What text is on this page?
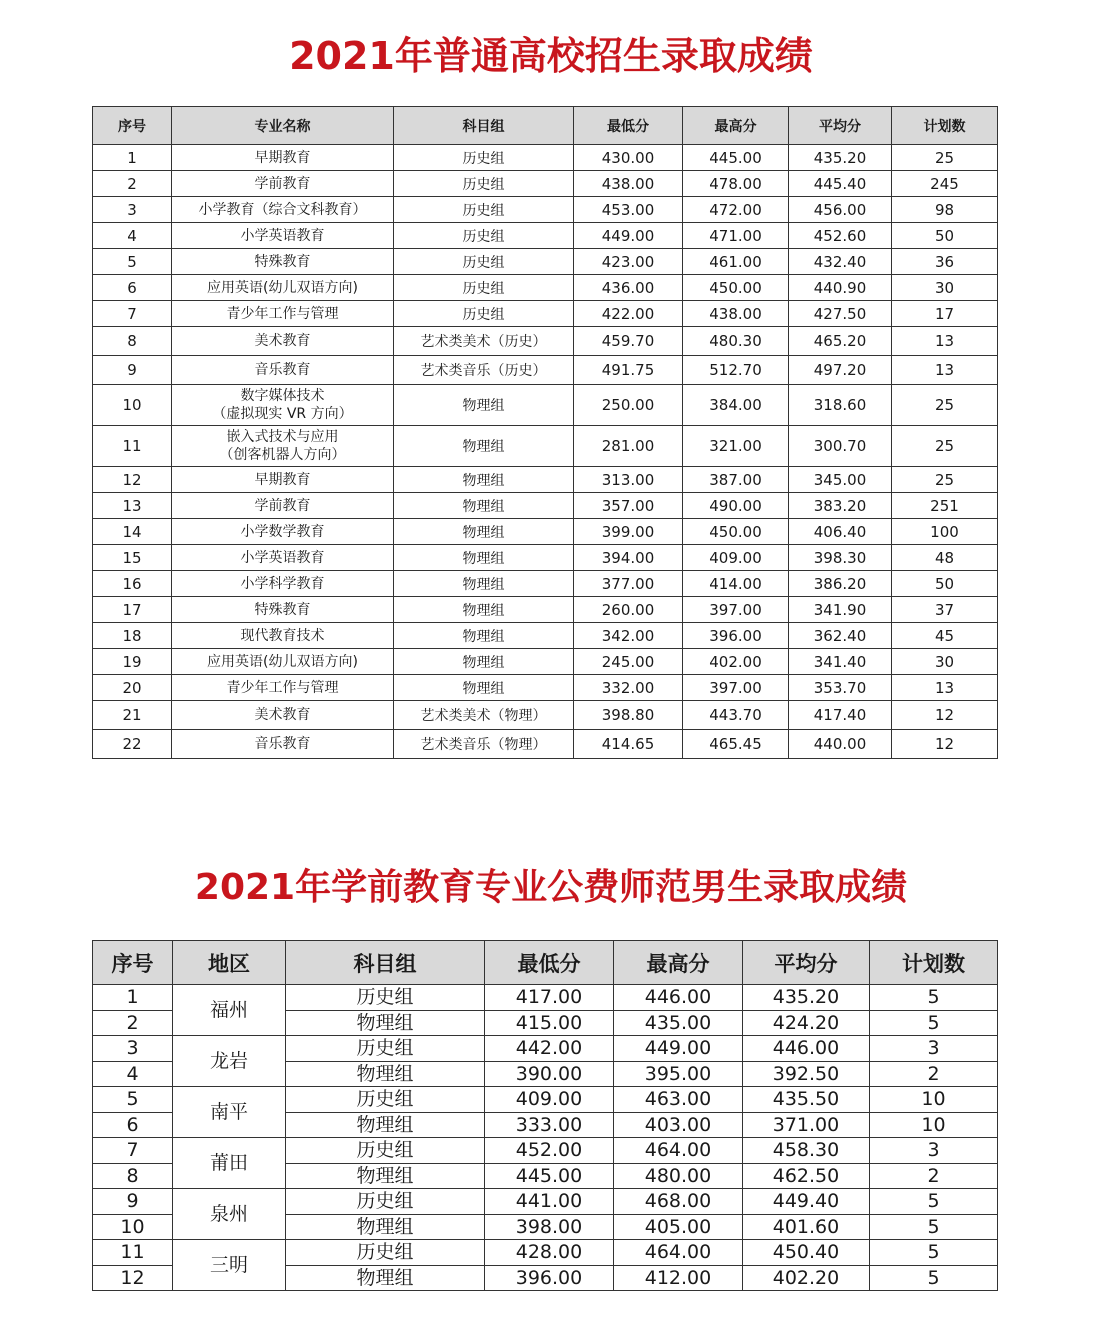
2021年普通高校招生录取成绩
序号	专业名称	科目组	最低分	最高分	平均分	计划数
1	早期教育	历史组	430.00	445.00	435.20	25
2	学前教育	历史组	438.00	478.00	445.40	245
3	小学教育（综合文科教育）	历史组	453.00	472.00	456.00	98
4	小学英语教育	历史组	449.00	471.00	452.60	50
5	特殊教育	历史组	423.00	461.00	432.40	36
6	应用英语(幼儿双语方向)	历史组	436.00	450.00	440.90	30
7	青少年工作与管理	历史组	422.00	438.00	427.50	17
8	美术教育	艺术类美术（历史）	459.70	480.30	465.20	13
9	音乐教育	艺术类音乐（历史）	491.75	512.70	497.20	13
10	数字媒体技术
（虚拟现实 VR 方向）	物理组	250.00	384.00	318.60	25
11	嵌入式技术与应用
（创客机器人方向）	物理组	281.00	321.00	300.70	25
12	早期教育	物理组	313.00	387.00	345.00	25
13	学前教育	物理组	357.00	490.00	383.20	251
14	小学数学教育	物理组	399.00	450.00	406.40	100
15	小学英语教育	物理组	394.00	409.00	398.30	48
16	小学科学教育	物理组	377.00	414.00	386.20	50
17	特殊教育	物理组	260.00	397.00	341.90	37
18	现代教育技术	物理组	342.00	396.00	362.40	45
19	应用英语(幼儿双语方向)	物理组	245.00	402.00	341.40	30
20	青少年工作与管理	物理组	332.00	397.00	353.70	13
21	美术教育	艺术类美术（物理）	398.80	443.70	417.40	12
22	音乐教育	艺术类音乐（物理）	414.65	465.45	440.00	12
2021年学前教育专业公费师范男生录取成绩
序号	地区	科目组	最低分	最高分	平均分	计划数
1	福州	历史组	417.00	446.00	435.20	5
2		物理组	415.00	435.00	424.20	5
3	龙岩	历史组	442.00	449.00	446.00	3
4		物理组	390.00	395.00	392.50	2
5	南平	历史组	409.00	463.00	435.50	10
6		物理组	333.00	403.00	371.00	10
7	莆田	历史组	452.00	464.00	458.30	3
8		物理组	445.00	480.00	462.50	2
9	泉州	历史组	441.00	468.00	449.40	5
10		物理组	398.00	405.00	401.60	5
11	三明	历史组	428.00	464.00	450.40	5
12		物理组	396.00	412.00	402.20	5
